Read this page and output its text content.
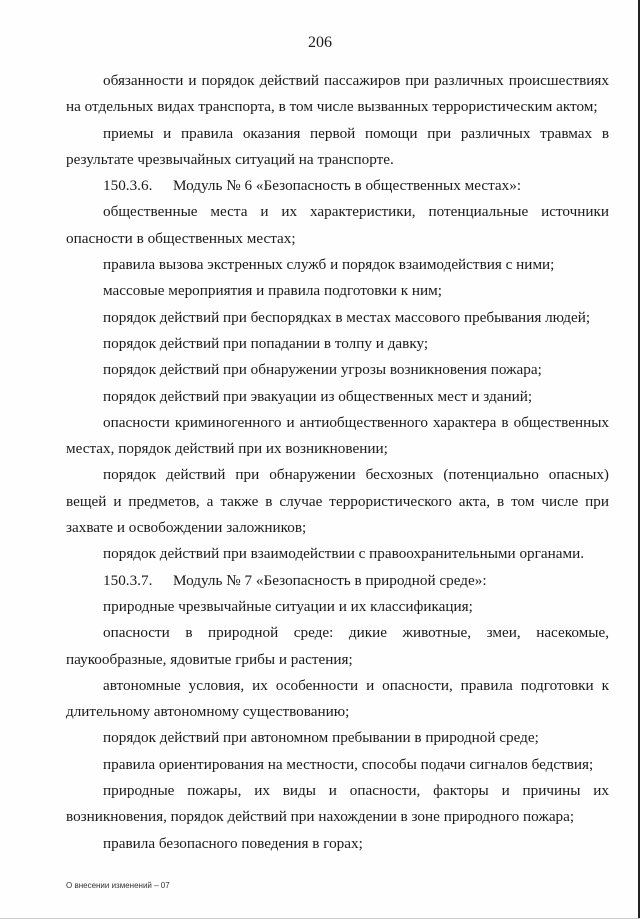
206

обязанности и порядок действий пассажиров при различных происшествиях на отдельных видах транспорта, в том числе вызванных террористическим актом;

приемы и правила оказания первой помощи при различных травмах в результате чрезвычайных ситуаций на транспорте.

150.3.6. Модуль № 6 «Безопасность в общественных местах»:

общественные места и их характеристики, потенциальные источники опасности в общественных местах;

правила вызова экстренных служб и порядок взаимодействия с ними;

массовые мероприятия и правила подготовки к ним;

порядок действий при беспорядках в местах массового пребывания людей;

порядок действий при попадании в толпу и давку;

порядок действий при обнаружении угрозы возникновения пожара;

порядок действий при эвакуации из общественных мест и зданий;

опасности криминогенного и антиобщественного характера в общественных местах, порядок действий при их возникновении;

порядок действий при обнаружении бесхозных (потенциально опасных) вещей и предметов, а также в случае террористического акта, в том числе при захвате и освобождении заложников;

порядок действий при взаимодействии с правоохранительными органами.

150.3.7. Модуль № 7 «Безопасность в природной среде»:

природные чрезвычайные ситуации и их классификация;

опасности в природной среде: дикие животные, змеи, насекомые, паукообразные, ядовитые грибы и растения;

автономные условия, их особенности и опасности, правила подготовки к длительному автономному существованию;

порядок действий при автономном пребывании в природной среде;

правила ориентирования на местности, способы подачи сигналов бедствия;

природные пожары, их виды и опасности, факторы и причины их возникновения, порядок действий при нахождении в зоне природного пожара;

правила безопасного поведения в горах;

О внесении изменений – 07
